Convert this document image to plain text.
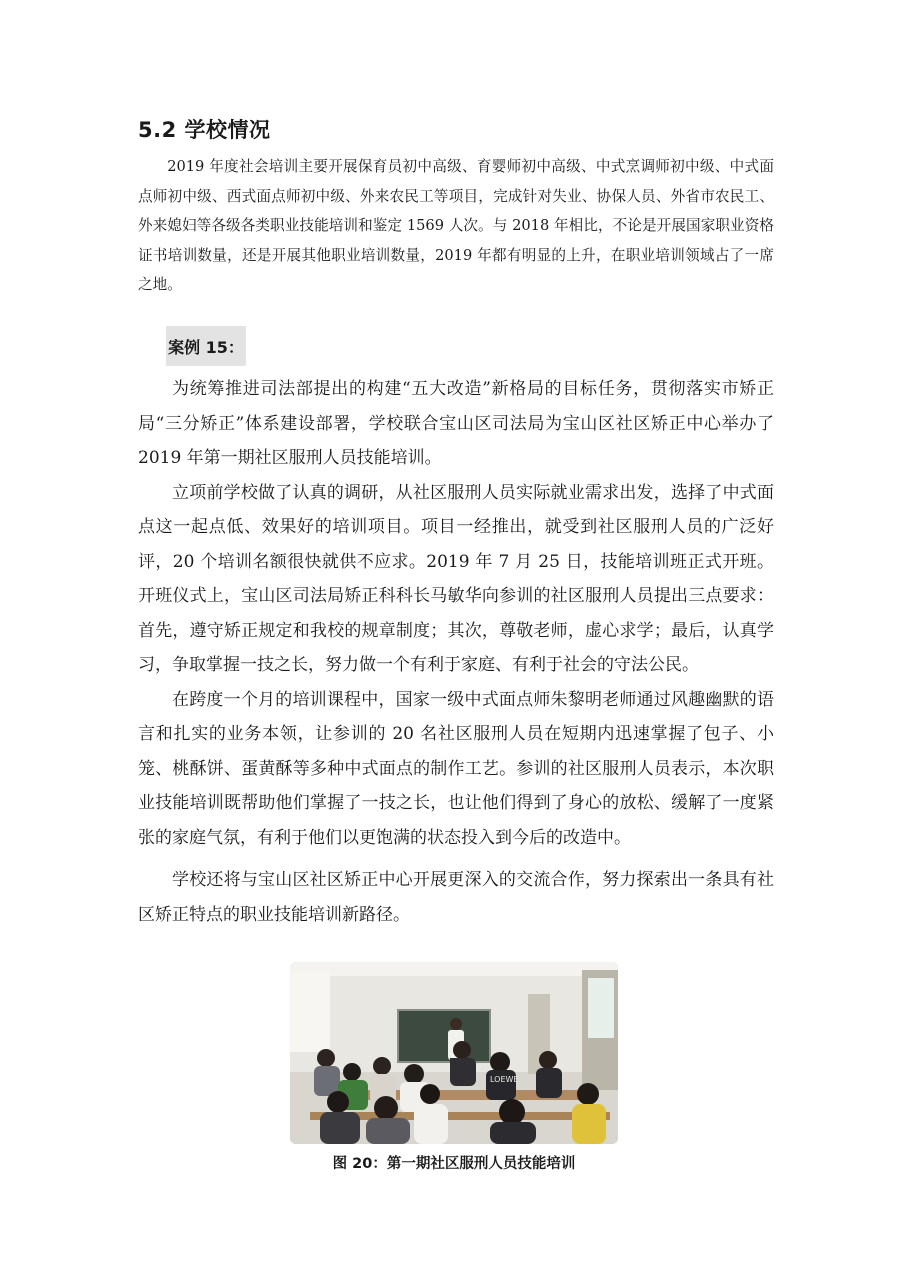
5.2 学校情况

2019 年度社会培训主要开展保育员初中高级、育婴师初中高级、中式烹调师初中级、中式面点师初中级、西式面点师初中级、外来农民工等项目，完成针对失业、协保人员、外省市农民工、外来媳妇等各级各类职业技能培训和鉴定 1569 人次。与 2018 年相比，不论是开展国家职业资格证书培训数量，还是开展其他职业培训数量，2019 年都有明显的上升，在职业培训领域占了一席之地。

案例 15：

为统筹推进司法部提出的构建“五大改造”新格局的目标任务，贯彻落实市矫正局“三分矫正”体系建设部署，学校联合宝山区司法局为宝山区社区矫正中心举办了 2019 年第一期社区服刑人员技能培训。

立项前学校做了认真的调研，从社区服刑人员实际就业需求出发，选择了中式面点这一起点低、效果好的培训项目。项目一经推出，就受到社区服刑人员的广泛好评，20 个培训名额很快就供不应求。2019 年 7 月 25 日，技能培训班正式开班。开班仪式上，宝山区司法局矫正科科长马敏华向参训的社区服刑人员提出三点要求：首先，遵守矫正规定和我校的规章制度；其次，尊敬老师，虚心求学；最后，认真学习，争取掌握一技之长，努力做一个有利于家庭、有利于社会的守法公民。

在跨度一个月的培训课程中，国家一级中式面点师朱黎明老师通过风趣幽默的语言和扎实的业务本领，让参训的 20 名社区服刑人员在短期内迅速掌握了包子、小笼、桃酥饼、蛋黄酥等多种中式面点的制作工艺。参训的社区服刑人员表示，本次职业技能培训既帮助他们掌握了一技之长，也让他们得到了身心的放松、缓解了一度紧张的家庭气氛，有利于他们以更饱满的状态投入到今后的改造中。

学校还将与宝山区社区矫正中心开展更深入的交流合作，努力探索出一条具有社区矫正特点的职业技能培训新路径。

LOEWE
图 20：第一期社区服刑人员技能培训
